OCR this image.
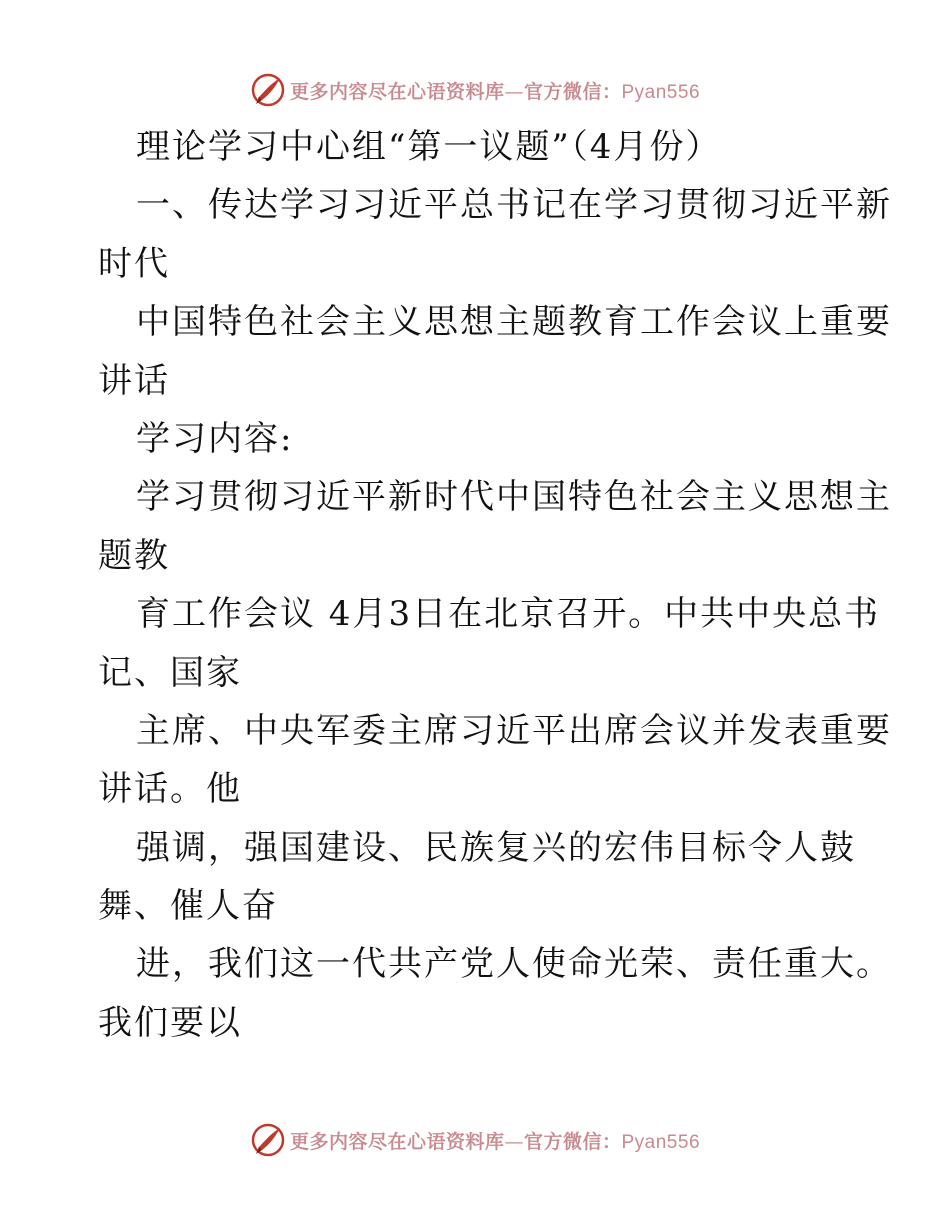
更多内容尽在心语资料库—官方微信：Pyan556
理论学习中心组“第一议题”（4月份）
一、传达学习习近平总书记在学习贯彻习近平新
时代
中国特色社会主义思想主题教育工作会议上重要
讲话
学习内容:
学习贯彻习近平新时代中国特色社会主义思想主
题教
育工作会议 4月3日在北京召开。中共中央总书
记、国家
主席、中央军委主席习近平出席会议并发表重要
讲话。他
强调，强国建设、民族复兴的宏伟目标令人鼓
舞、催人奋
进，我们这一代共产党人使命光荣、责任重大。
我们要以
更多内容尽在心语资料库—官方微信：Pyan556
